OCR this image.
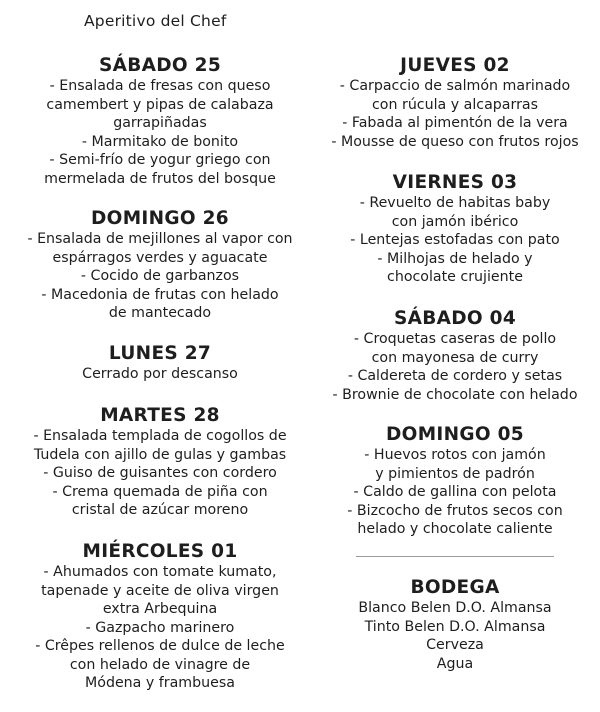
Aperitivo del Chef
SÁBADO 25
- Ensalada de fresas con queso
camembert y pipas de calabaza
garrapiñadas
- Marmitako de bonito
- Semi-frío de yogur griego con
mermelada de frutos del bosque
DOMINGO 26
- Ensalada de mejillones al vapor con
espárragos verdes y aguacate
- Cocido de garbanzos
- Macedonia de frutas con helado
de mantecado
LUNES 27
Cerrado por descanso
MARTES 28
- Ensalada templada de cogollos de
Tudela con ajillo de gulas y gambas
- Guiso de guisantes con cordero
- Crema quemada de piña con
cristal de azúcar moreno
MIÉRCOLES 01
- Ahumados con tomate kumato,
tapenade y aceite de oliva virgen
extra Arbequina
- Gazpacho marinero
- Crêpes rellenos de dulce de leche
con helado de vinagre de
Módena y frambuesa
JUEVES 02
- Carpaccio de salmón marinado
con rúcula y alcaparras
- Fabada al pimentón de la vera
- Mousse de queso con frutos rojos
VIERNES 03
- Revuelto de habitas baby
con jamón ibérico
- Lentejas estofadas con pato
- Milhojas de helado y
chocolate crujiente
SÁBADO 04
- Croquetas caseras de pollo
con mayonesa de curry
- Caldereta de cordero y setas
- Brownie de chocolate con helado
DOMINGO 05
- Huevos rotos con jamón
y pimientos de padrón
- Caldo de gallina con pelota
- Bizcocho de frutos secos con
helado y chocolate caliente
BODEGA
Blanco Belen D.O. Almansa
Tinto Belen D.O. Almansa
Cerveza
Agua
